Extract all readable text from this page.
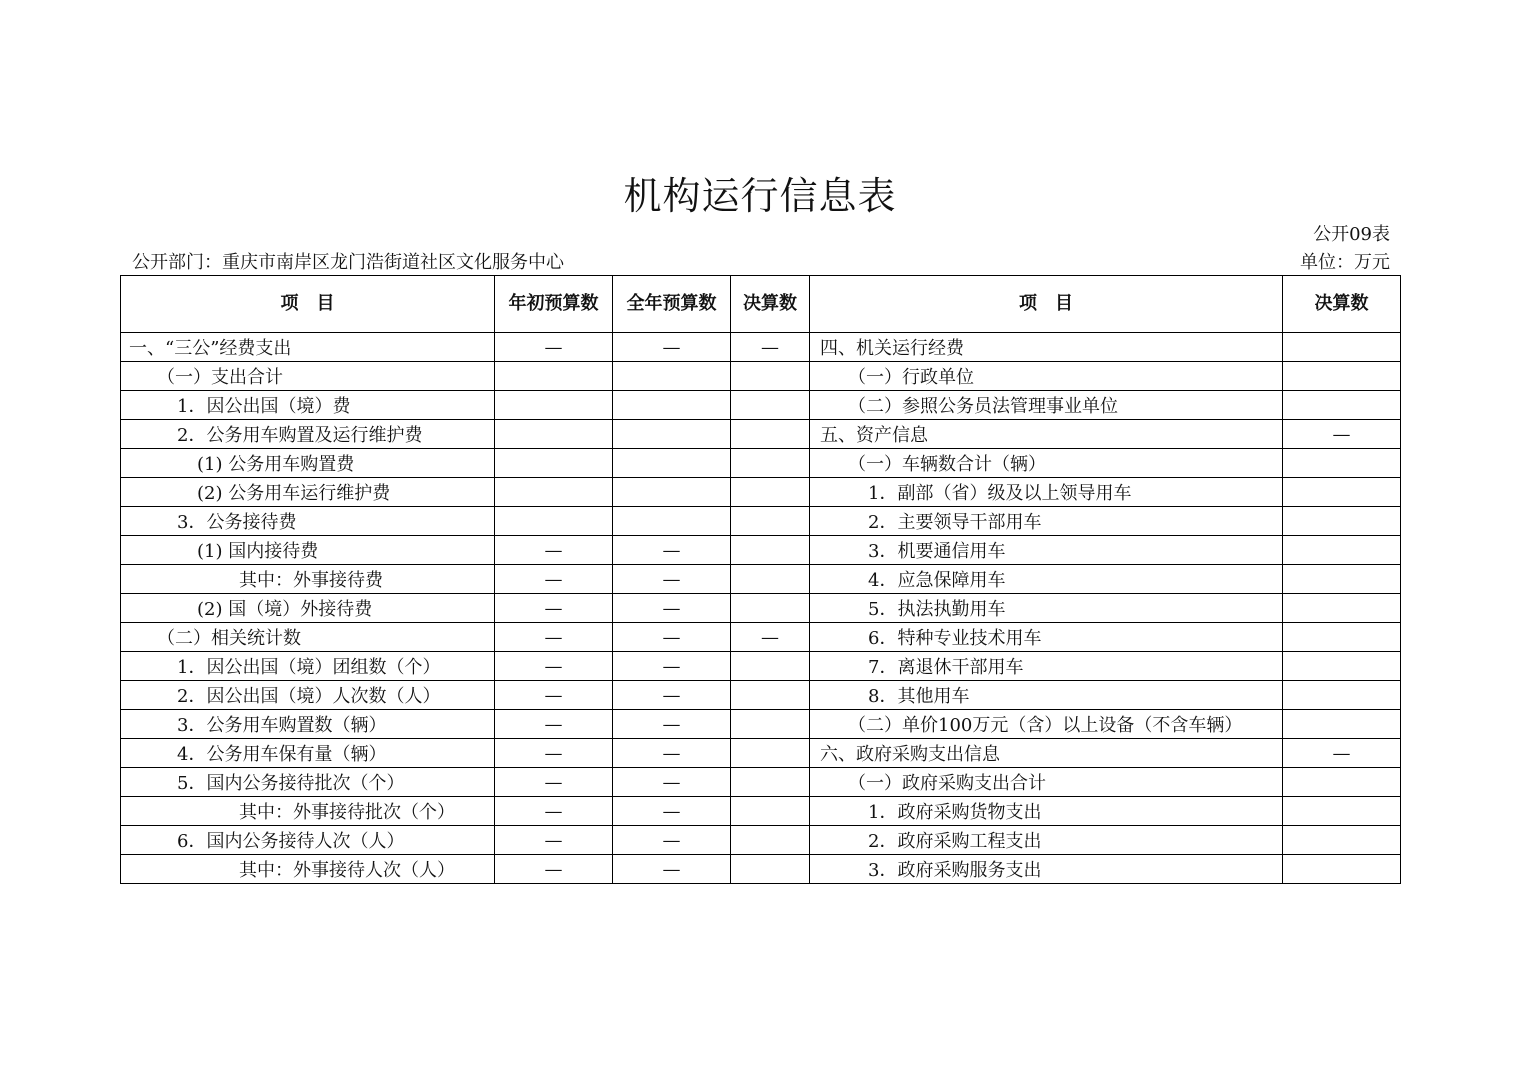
机构运行信息表
公开09表
公开部门：重庆市南岸区龙门浩街道社区文化服务中心	单位：万元
项　目	年初预算数	全年预算数	决算数	项　目	决算数
一、“三公”经费支出	—	—	—	四、机关运行经费	
（一）支出合计				（一）行政单位	
1．因公出国（境）费				（二）参照公务员法管理事业单位	
2．公务用车购置及运行维护费				五、资产信息	—
(1) 公务用车购置费				（一）车辆数合计（辆）	
(2) 公务用车运行维护费				1．副部（省）级及以上领导用车	
3．公务接待费				2．主要领导干部用车	
(1) 国内接待费	—	—		3．机要通信用车	
其中：外事接待费	—	—		4．应急保障用车	
(2) 国（境）外接待费	—	—		5．执法执勤用车	
（二）相关统计数	—	—	—	6．特种专业技术用车	
1．因公出国（境）团组数（个）	—	—		7．离退休干部用车	
2．因公出国（境）人次数（人）	—	—		8．其他用车	
3．公务用车购置数（辆）	—	—		（二）单价100万元（含）以上设备（不含车辆）	
4．公务用车保有量（辆）	—	—		六、政府采购支出信息	—
5．国内公务接待批次（个）	—	—		（一）政府采购支出合计	
其中：外事接待批次（个）	—	—		1．政府采购货物支出	
6．国内公务接待人次（人）	—	—		2．政府采购工程支出	
其中：外事接待人次（人）	—	—		3．政府采购服务支出	
